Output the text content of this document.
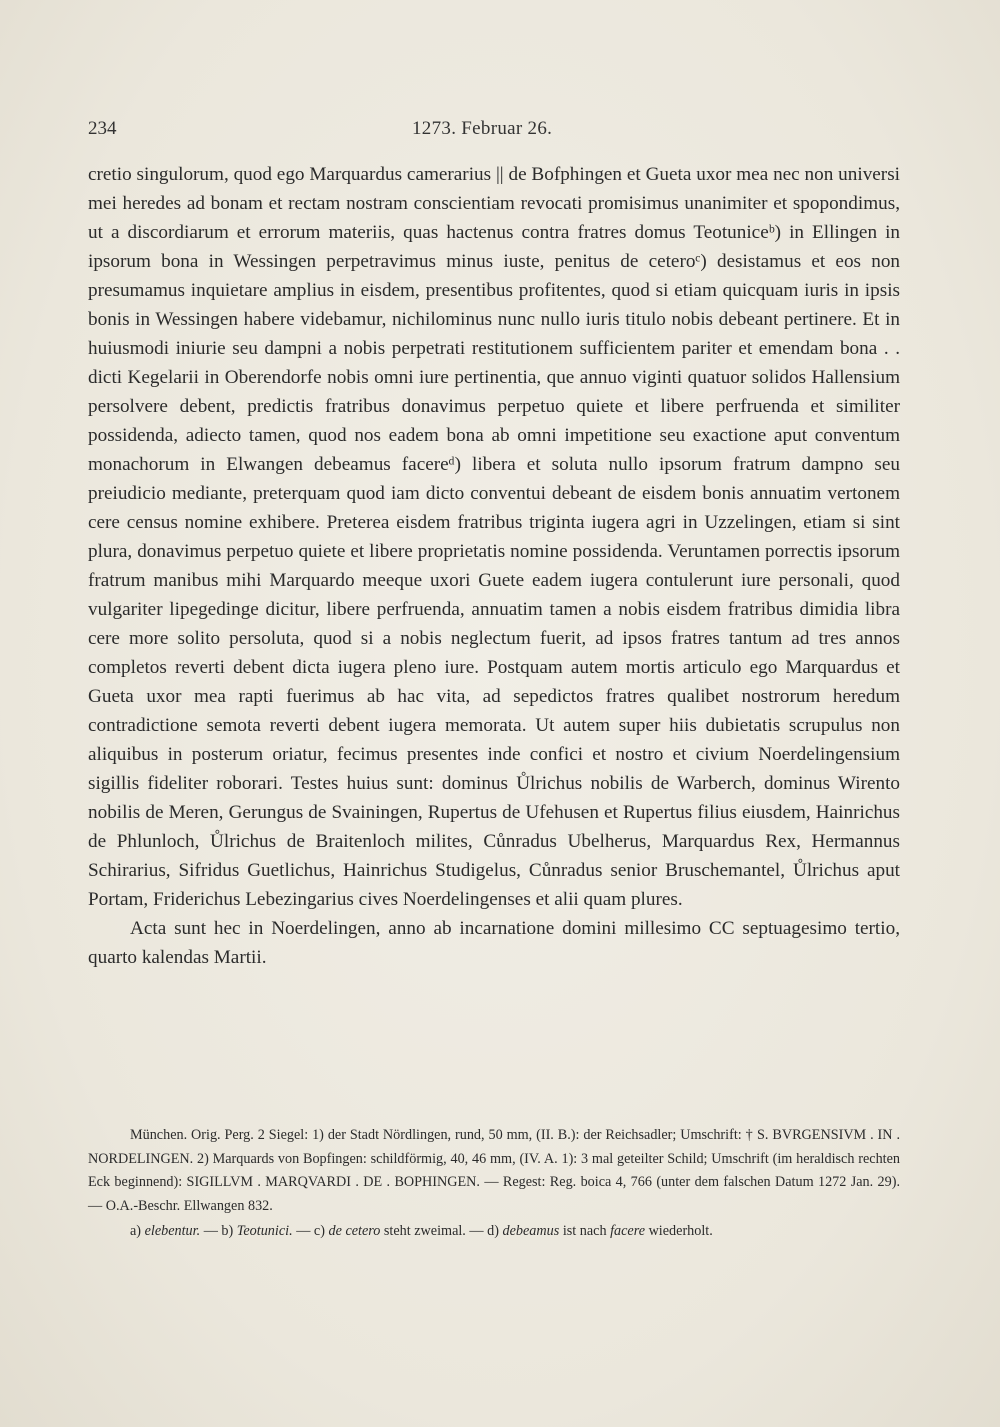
234	1273. Februar 26.

cretio singulorum, quod ego Marquardus camerarius || de Bofphingen et Gueta uxor mea nec non universi mei heredes ad bonam et rectam nostram conscientiam revocati promisimus unanimiter et spopondimus, ut a discordiarum et errorum materiis, quas hactenus contra fratres domus Teotuniceᵇ) in Ellingen in ipsorum bona in Wessingen perpetravimus minus iuste, penitus de ceteroᶜ) desistamus et eos non presumamus inquietare amplius in eisdem, presentibus profitentes, quod si etiam quicquam iuris in ipsis bonis in Wessingen habere videbamur, nichilominus nunc nullo iuris titulo nobis debeant pertinere. Et in huiusmodi iniurie seu dampni a nobis perpetrati restitutionem sufficientem pariter et emendam bona . . dicti Kegelarii in Oberendorfe nobis omni iure pertinentia, que annuo viginti quatuor solidos Hallensium persolvere debent, predictis fratribus donavimus perpetuo quiete et libere perfruenda et similiter possidenda, adiecto tamen, quod nos eadem bona ab omni impetitione seu exactione aput conventum monachorum in Elwangen debeamus facereᵈ) libera et soluta nullo ipsorum fratrum dampno seu preiudicio mediante, preterquam quod iam dicto conventui debeant de eisdem bonis annuatim vertonem cere census nomine exhibere. Preterea eisdem fratribus triginta iugera agri in Uzzelingen, etiam si sint plura, donavimus perpetuo quiete et libere proprietatis nomine possidenda. Veruntamen porrectis ipsorum fratrum manibus mihi Marquardo meeque uxori Guete eadem iugera contulerunt iure personali, quod vulgariter lipegedinge dicitur, libere perfruenda, annuatim tamen a nobis eisdem fratribus dimidia libra cere more solito persoluta, quod si a nobis neglectum fuerit, ad ipsos fratres tantum ad tres annos completos reverti debent dicta iugera pleno iure. Postquam autem mortis articulo ego Marquardus et Gueta uxor mea rapti fuerimus ab hac vita, ad sepedictos fratres qualibet nostrorum heredum contradictione semota reverti debent iugera memorata. Ut autem super hiis dubietatis scrupulus non aliquibus in posterum oriatur, fecimus presentes inde confici et nostro et civium Noerdelingensium sigillis fideliter roborari. Testes huius sunt: dominus Ůlrichus nobilis de Warberch, dominus Wirento nobilis de Meren, Gerungus de Svainingen, Rupertus de Ufehusen et Rupertus filius eiusdem, Hainrichus de Phlunloch, Ůlrichus de Braitenloch milites, Cůnradus Ubelherus, Marquardus Rex, Hermannus Schirarius, Sifridus Guetlichus, Hainrichus Studigelus, Cůnradus senior Bruschemantel, Ůlrichus aput Portam, Friderichus Lebezingarius cives Noerdelingenses et alii quam plures.

Acta sunt hec in Noerdelingen, anno ab incarnatione domini millesimo CC septuagesimo tertio, quarto kalendas Martii.

München. Orig. Perg. 2 Siegel: 1) der Stadt Nördlingen, rund, 50 mm, (II. B.): der Reichsadler; Umschrift: † S. BVRGENSIVM . IN . NORDELINGEN. 2) Marquards von Bopfingen: schildförmig, 40, 46 mm, (IV. A. 1): 3 mal geteilter Schild; Umschrift (im heraldisch rechten Eck beginnend): SIGILLVM . MARQVARDI . DE . BOPHINGEN. — Regest: Reg. boica 4, 766 (unter dem falschen Datum 1272 Jan. 29). — O.A.-Beschr. Ellwangen 832.

a) elebentur. — b) Teotunici. — c) de cetero steht zweimal. — d) debeamus ist nach facere wiederholt.
